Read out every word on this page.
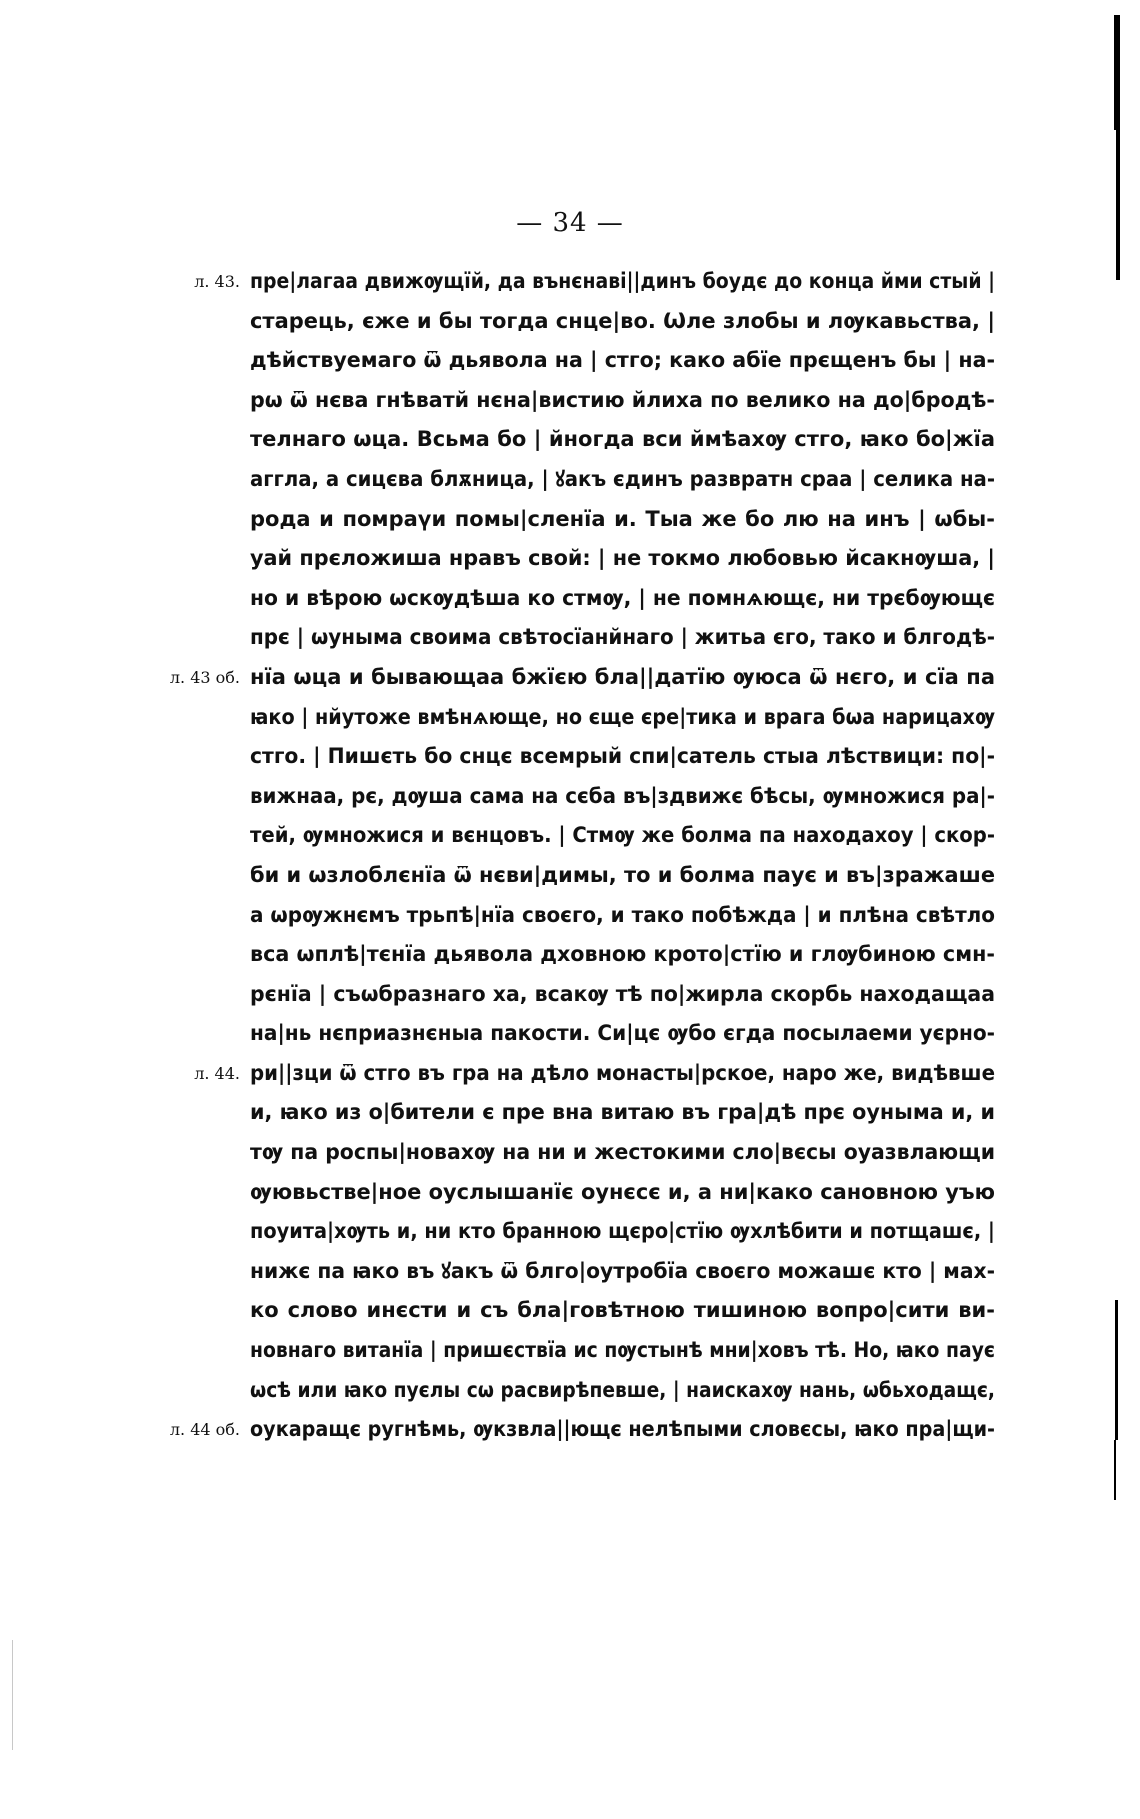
— 34 —
пре|лагаа движѹщїй, да вънєнаві||динъ боудє до конца йми стый |
л. 43.
старець, єже и бы тогда снце|во. Ѡле злобы и лѹкавьства, |
дѣйствуемаго ѿ дьявола на | стго; како абїе прєщенъ бы | на-
рѡ ѿ нєва гнѣватй нєна|вистию йлиха по велико на до|бродѣ-
телнаго ѡца. Всьма бо | йногда вси ймѣахѹ стго, ꙗко бо|жїа
аггла, а сицєва блѫница, | ꙋакъ єдинъ развратн сраа | селика на-
рода и помраүи помы|сленїа и. Тыа же бо лю на инъ | ѡбы-
уай прєложиша нравъ свой: | не токмо любовью йсакнѹша, |
но и вѣрою ѡскѹдѣша ко стмѹ, | не помнѧющє, ни трєбѹющє
прє | ѡуныма своима свѣтосїанйнаго | житьа єго, тако и блгодѣ-
нїа ѡца и бывающаа бжїєю бла||датїю ѹюса ѿ нєго, и сїа па
л. 43 об.
ꙗко | нйутоже вмѣнѧюще, но єще єре|тика и врага бѡа нарицахѹ
стго. | Пишєть бо снцє всемрый спи|сатель стыа лѣствици: по|-
вижнаа, рє, дѹша сама на сєба въ|здвижє бѣсы, ѹмножися ра|-
тей, ѹмножися и вєнцовъ. | Стмѹ же болма па находахоу | скор-
би и ѡзлоблєнїа ѿ нєви|димы, то и болма паує и въ|зражаше
а ѡрѹжнємъ трьпѣ|нїа своєго, и тако побѣжда | и плѣна свѣтло
вса ѡплѣ|тєнїа дьявола дховною крото|стїю и глѹбиною смн-
рєнїа | съѡбразнаго ха, всакѹ тѣ по|жирла скорбь находащаа
на|нь нєприазнєныа пакости. Си|цє ѹбо єгда посылаеми уєрно-
ри||зци ѿ стго въ гра на дѣло монасты|рское, наро же, видѣвше
л. 44.
и, ꙗко из о|бители є пре вна витаю въ гра|дѣ прє оуныма и, и
тѹ па роспы|новахѹ на ни и жестокими сло|вєсы оуазвлающи
ѹювьстве|ное оуслышанїє оунєсє и, а ни|како сановною уъю
поуита|хѹть и, ни кто бранною щєро|стїю ѹхлѣбити и потщашє, |
нижє па ꙗко въ ꙋакъ ѿ блго|оутробїа своєго можашє кто | мах-
ко слово инєсти и съ бла|говѣтною тишиною вопро|сити ви-
новнаго витанїа | пришєствїа ис пѹстынѣ мни|ховъ тѣ. Но, ꙗко паує
ѡсѣ или ꙗко пуєлы сѡ расвирѣпевше, | наискахѹ нань, ѡбьходащє,
оукаращє ругнѣмь, ѹкзвла||ющє нелѣпыми словєсы, ꙗко пра|щи-
л. 44 об.
